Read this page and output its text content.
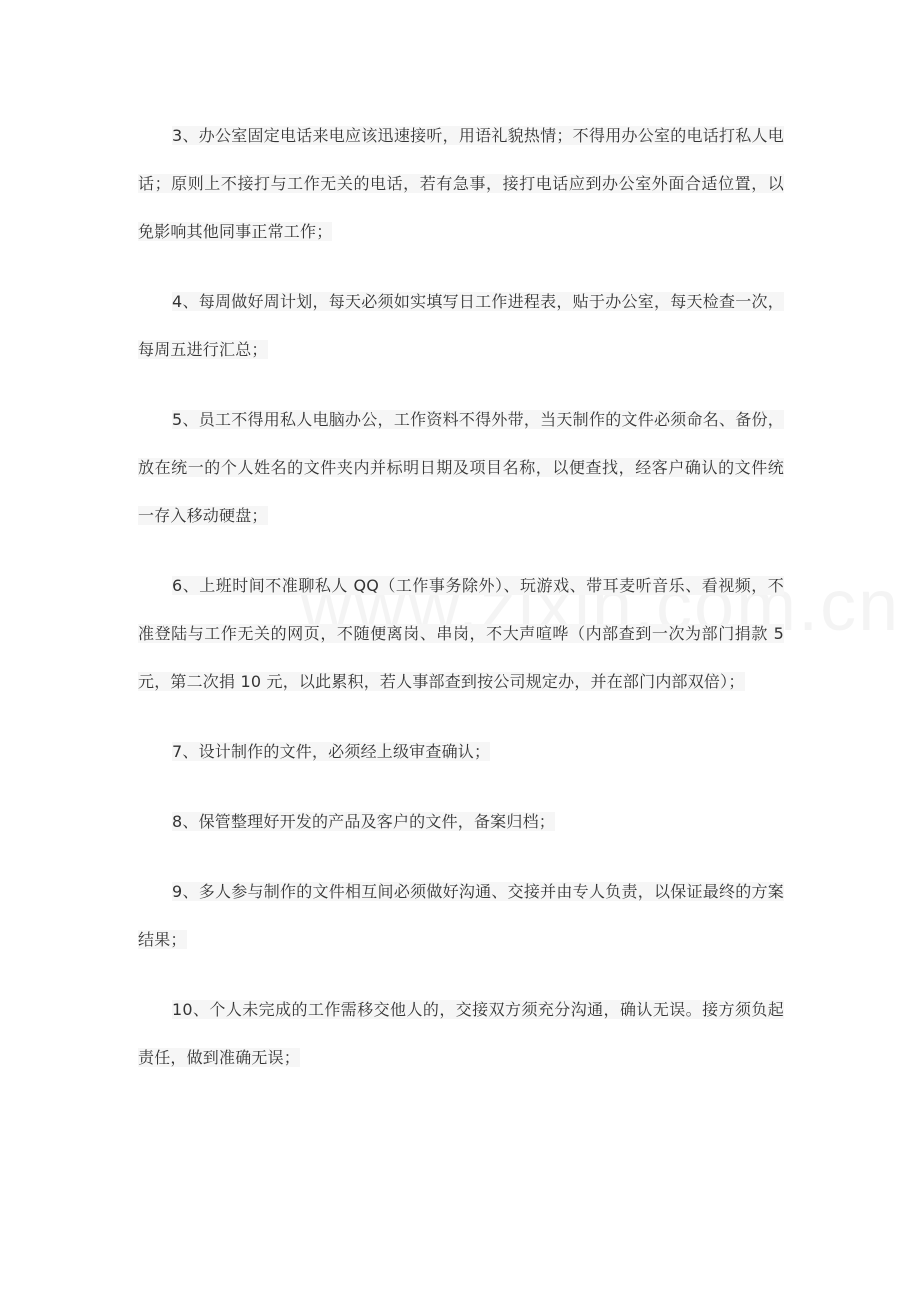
3、办公室固定电话来电应该迅速接听，用语礼貌热情；不得用办公室的电话打私人电话；原则上不接打与工作无关的电话，若有急事，接打电话应到办公室外面合适位置，以免影响其他同事正常工作；

4、每周做好周计划，每天必须如实填写日工作进程表，贴于办公室，每天检查一次，每周五进行汇总；

5、员工不得用私人电脑办公，工作资料不得外带，当天制作的文件必须命名、备份，放在统一的个人姓名的文件夹内并标明日期及项目名称，以便查找，经客户确认的文件统一存入移动硬盘；

6、上班时间不准聊私人 QQ（工作事务除外）、玩游戏、带耳麦听音乐、看视频，不准登陆与工作无关的网页，不随便离岗、串岗，不大声喧哗（内部查到一次为部门捐款 5 元，第二次捐 10 元，以此累积，若人事部查到按公司规定办，并在部门内部双倍）；

7、设计制作的文件，必须经上级审查确认；

8、保管整理好开发的产品及客户的文件，备案归档；

9、多人参与制作的文件相互间必须做好沟通、交接并由专人负责，以保证最终的方案结果；

10、个人未完成的工作需移交他人的，交接双方须充分沟通，确认无误。接方须负起责任，做到准确无误；
